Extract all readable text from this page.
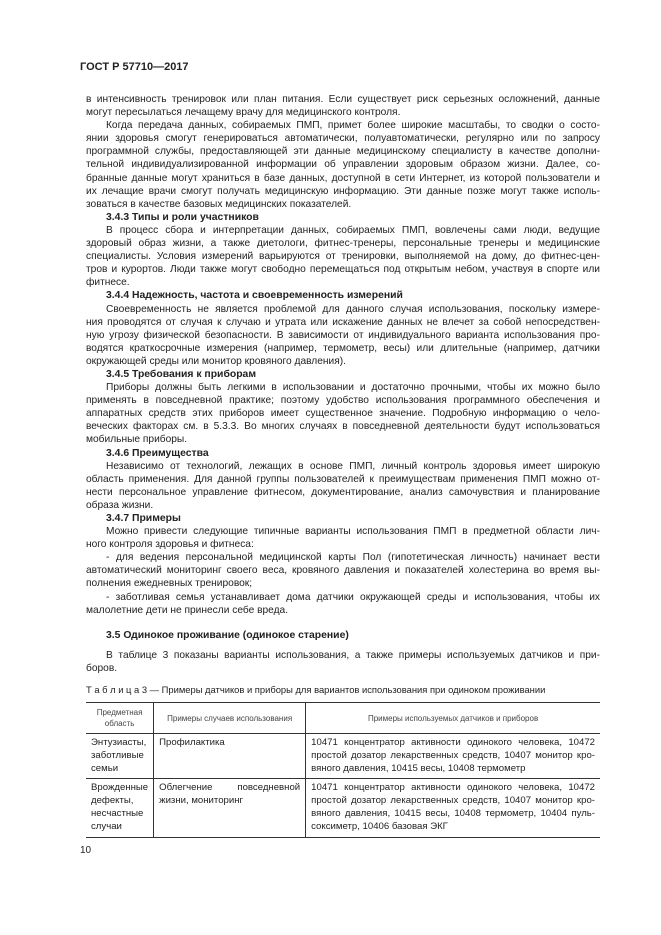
ГОСТ Р 57710—2017
в интенсивность тренировок или план питания. Если существует риск серьезных осложнений, данные
могут пересылаться лечащему врачу для медицинского контроля.
Когда передача данных, собираемых ПМП, примет более широкие масштабы, то сводки о состо-
янии здоровья смогут генерироваться автоматически, полуавтоматически, регулярно или по запросу
программной службы, предоставляющей эти данные медицинскому специалисту в качестве дополни-
тельной индивидуализированной информации об управлении здоровым образом жизни. Далее, со-
бранные данные могут храниться в базе данных, доступной в сети Интернет, из которой пользователи и
их лечащие врачи смогут получать медицинскую информацию. Эти данные позже могут также исполь-
зоваться в качестве базовых медицинских показателей.
3.4.3 Типы и роли участников
В процесс сбора и интерпретации данных, собираемых ПМП, вовлечены сами люди, ведущие
здоровый образ жизни, а также диетологи, фитнес-тренеры, персональные тренеры и медицинские
специалисты. Условия измерений варьируются от тренировки, выполняемой на дому, до фитнес-цен-
тров и курортов. Люди также могут свободно перемещаться под открытым небом, участвуя в спорте или
фитнесе.
3.4.4 Надежность, частота и своевременность измерений
Своевременность не является проблемой для данного случая использования, поскольку измере-
ния проводятся от случая к случаю и утрата или искажение данных не влечет за собой непосредствен-
ную угрозу физической безопасности. В зависимости от индивидуального варианта использования про-
водятся краткосрочные измерения (например, термометр, весы) или длительные (например, датчики
окружающей среды или монитор кровяного давления).
3.4.5 Требования к приборам
Приборы должны быть легкими в использовании и достаточно прочными, чтобы их можно было
применять в повседневной практике; поэтому удобство использования программного обеспечения и
аппаратных средств этих приборов имеет существенное значение. Подробную информацию о чело-
веческих факторах см. в 5.3.3. Во многих случаях в повседневной деятельности будут использоваться
мобильные приборы.
3.4.6 Преимущества
Независимо от технологий, лежащих в основе ПМП, личный контроль здоровья имеет широкую
область применения. Для данной группы пользователей к преимуществам применения ПМП можно от-
нести персональное управление фитнесом, документирование, анализ самочувствия и планирование
образа жизни.
3.4.7 Примеры
Можно привести следующие типичные варианты использования ПМП в предметной области лич-
ного контроля здоровья и фитнеса:
- для ведения персональной медицинской карты Пол (гипотетическая личность) начинает вести
автоматический мониторинг своего веса, кровяного давления и показателей холестерина во время вы-
полнения ежедневных тренировок;
- заботливая семья устанавливает дома датчики окружающей среды и использования, чтобы их
малолетние дети не принесли себе вреда.
3.5 Одинокое проживание (одинокое старение)
В таблице 3 показаны варианты использования, а также примеры используемых датчиков и при-
боров.
Т а б л и ц а 3 — Примеры датчиков и приборы для вариантов использования при одиноком проживании
Предметная область	Примеры случаев использования	Примеры используемых датчиков и приборов
Энтузиасты, заботливые семьи	Профилактика	10471 концентратор активности одинокого человека, 10472 простой дозатор лекарственных средств, 10407 монитор кро-вяного давления, 10415 весы, 10408 термометр
Врожденные дефекты, несчастные случаи	Облегчение повседневной жизни, мониторинг	10471 концентратор активности одинокого человека, 10472 простой дозатор лекарственных средств, 10407 монитор кро-вяного давления, 10415 весы, 10408 термометр, 10404 пуль-соксиметр, 10406 базовая ЭКГ
10
